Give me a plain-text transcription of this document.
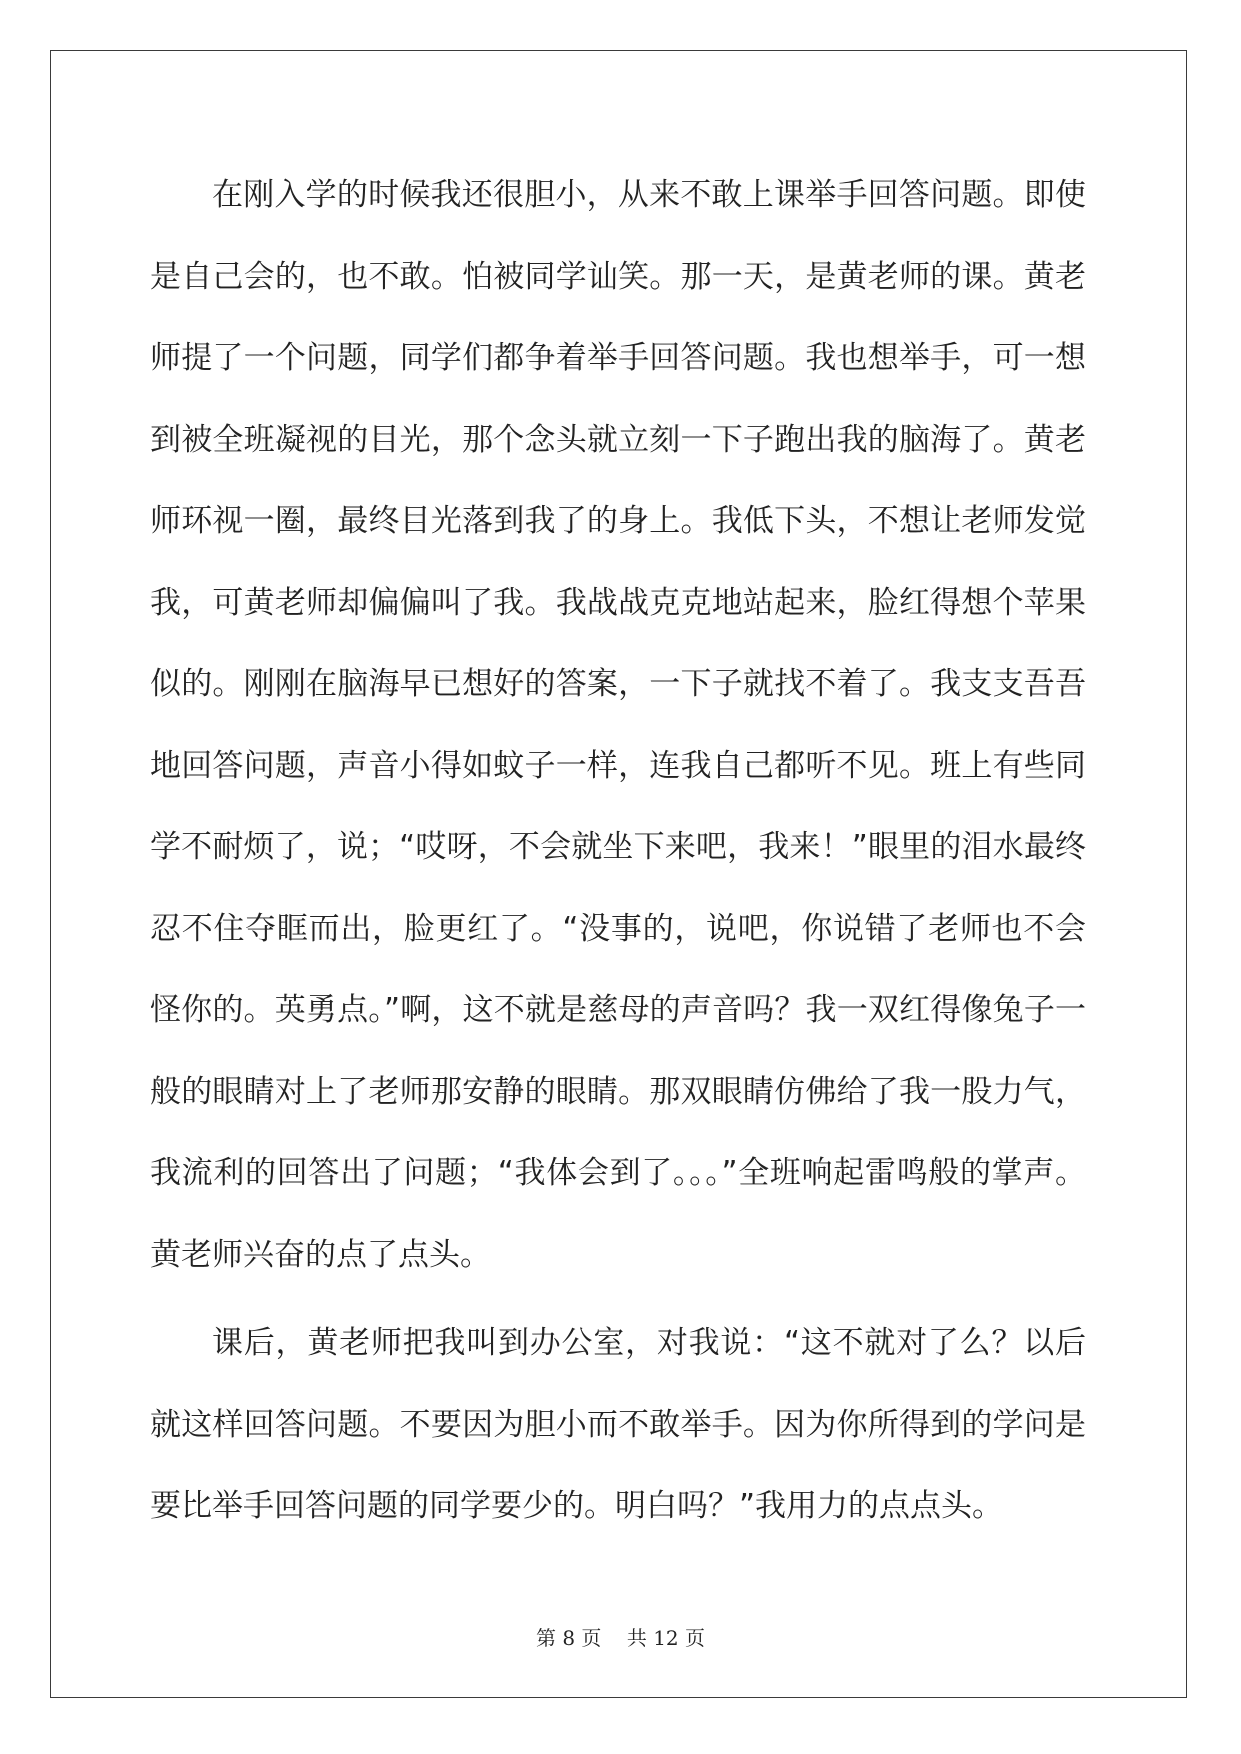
在刚入学的时候我还很胆小，从来不敢上课举手回答问题。即使是自己会的，也不敢。怕被同学讪笑。那一天，是黄老师的课。黄老师提了一个问题，同学们都争着举手回答问题。我也想举手，可一想到被全班凝视的目光，那个念头就立刻一下子跑出我的脑海了。黄老师环视一圈，最终目光落到我了的身上。我低下头，不想让老师发觉我，可黄老师却偏偏叫了我。我战战克克地站起来，脸红得想个苹果似的。刚刚在脑海早已想好的答案，一下子就找不着了。我支支吾吾地回答问题，声音小得如蚊子一样，连我自己都听不见。班上有些同学不耐烦了，说；“哎呀，不会就坐下来吧，我来！”眼里的泪水最终忍不住夺眶而出，脸更红了。“没事的，说吧，你说错了老师也不会怪你的。英勇点。”啊，这不就是慈母的声音吗？我一双红得像兔子一般的眼睛对上了老师那安静的眼睛。那双眼睛仿佛给了我一股力气，我流利的回答出了问题；“我体会到了。。。”全班响起雷鸣般的掌声。黄老师兴奋的点了点头。

课后，黄老师把我叫到办公室，对我说：“这不就对了么？以后就这样回答问题。不要因为胆小而不敢举手。因为你所得到的学问是要比举手回答问题的同学要少的。明白吗？”我用力的点点头。

第 8 页    共 12 页
